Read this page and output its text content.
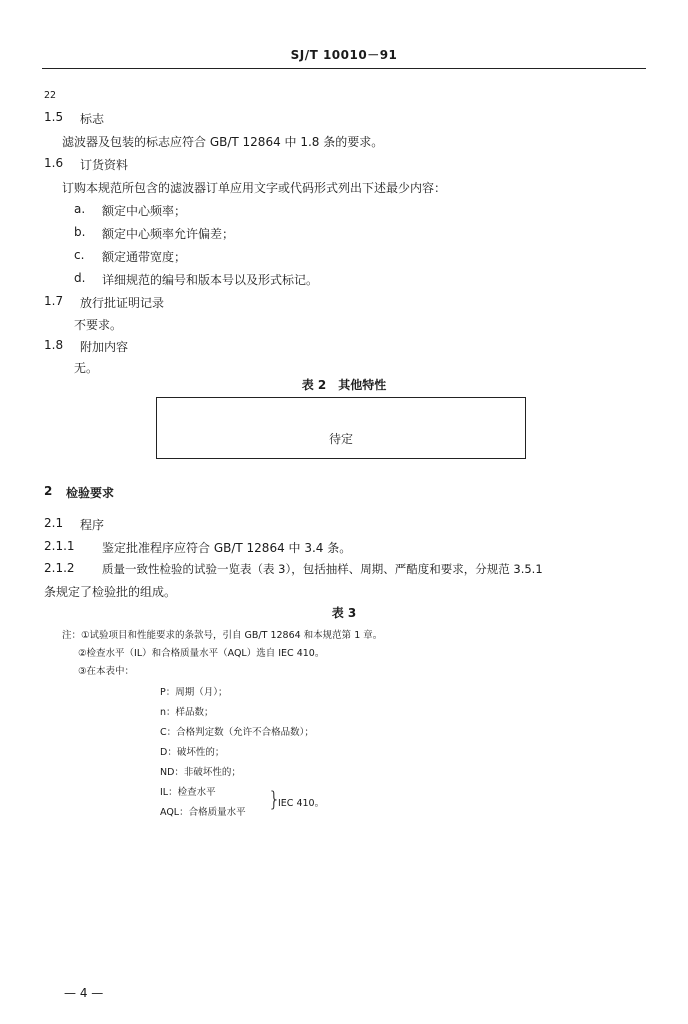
SJ/T 10010－91
22
1.5 标志
滤波器及包装的标志应符合 GB/T 12864 中 1.8 条的要求。
1.6 订货资料
订购本规范所包含的滤波器订单应用文字或代码形式列出下述最少内容：
a. 额定中心频率；
b. 额定中心频率允许偏差；
c. 额定通带宽度；
d. 详细规范的编号和版本号以及形式标记。
1.7 放行批证明记录
不要求。
1.8 附加内容
无。
表 2　其他特性
待定
2 检验要求
2.1 程序
2.1.1 鉴定批准程序应符合 GB/T 12864 中 3.4 条。
2.1.2 质量一致性检验的试验一览表（表 3），包括抽样、周期、严酷度和要求，分规范 3.5.1
条规定了检验批的组成。
表 3
注：①试验项目和性能要求的条款号，引自 GB/T 12864 和本规范第 1 章。
②检查水平（IL）和合格质量水平（AQL）选自 IEC 410。
③在本表中：
P：周期（月）；
n：样品数；
C：合格判定数（允许不合格品数）；
D：破坏性的；
ND：非破坏性的；
IL：检查水平
AQL：合格质量水平
}
IEC 410。
— 4 —
